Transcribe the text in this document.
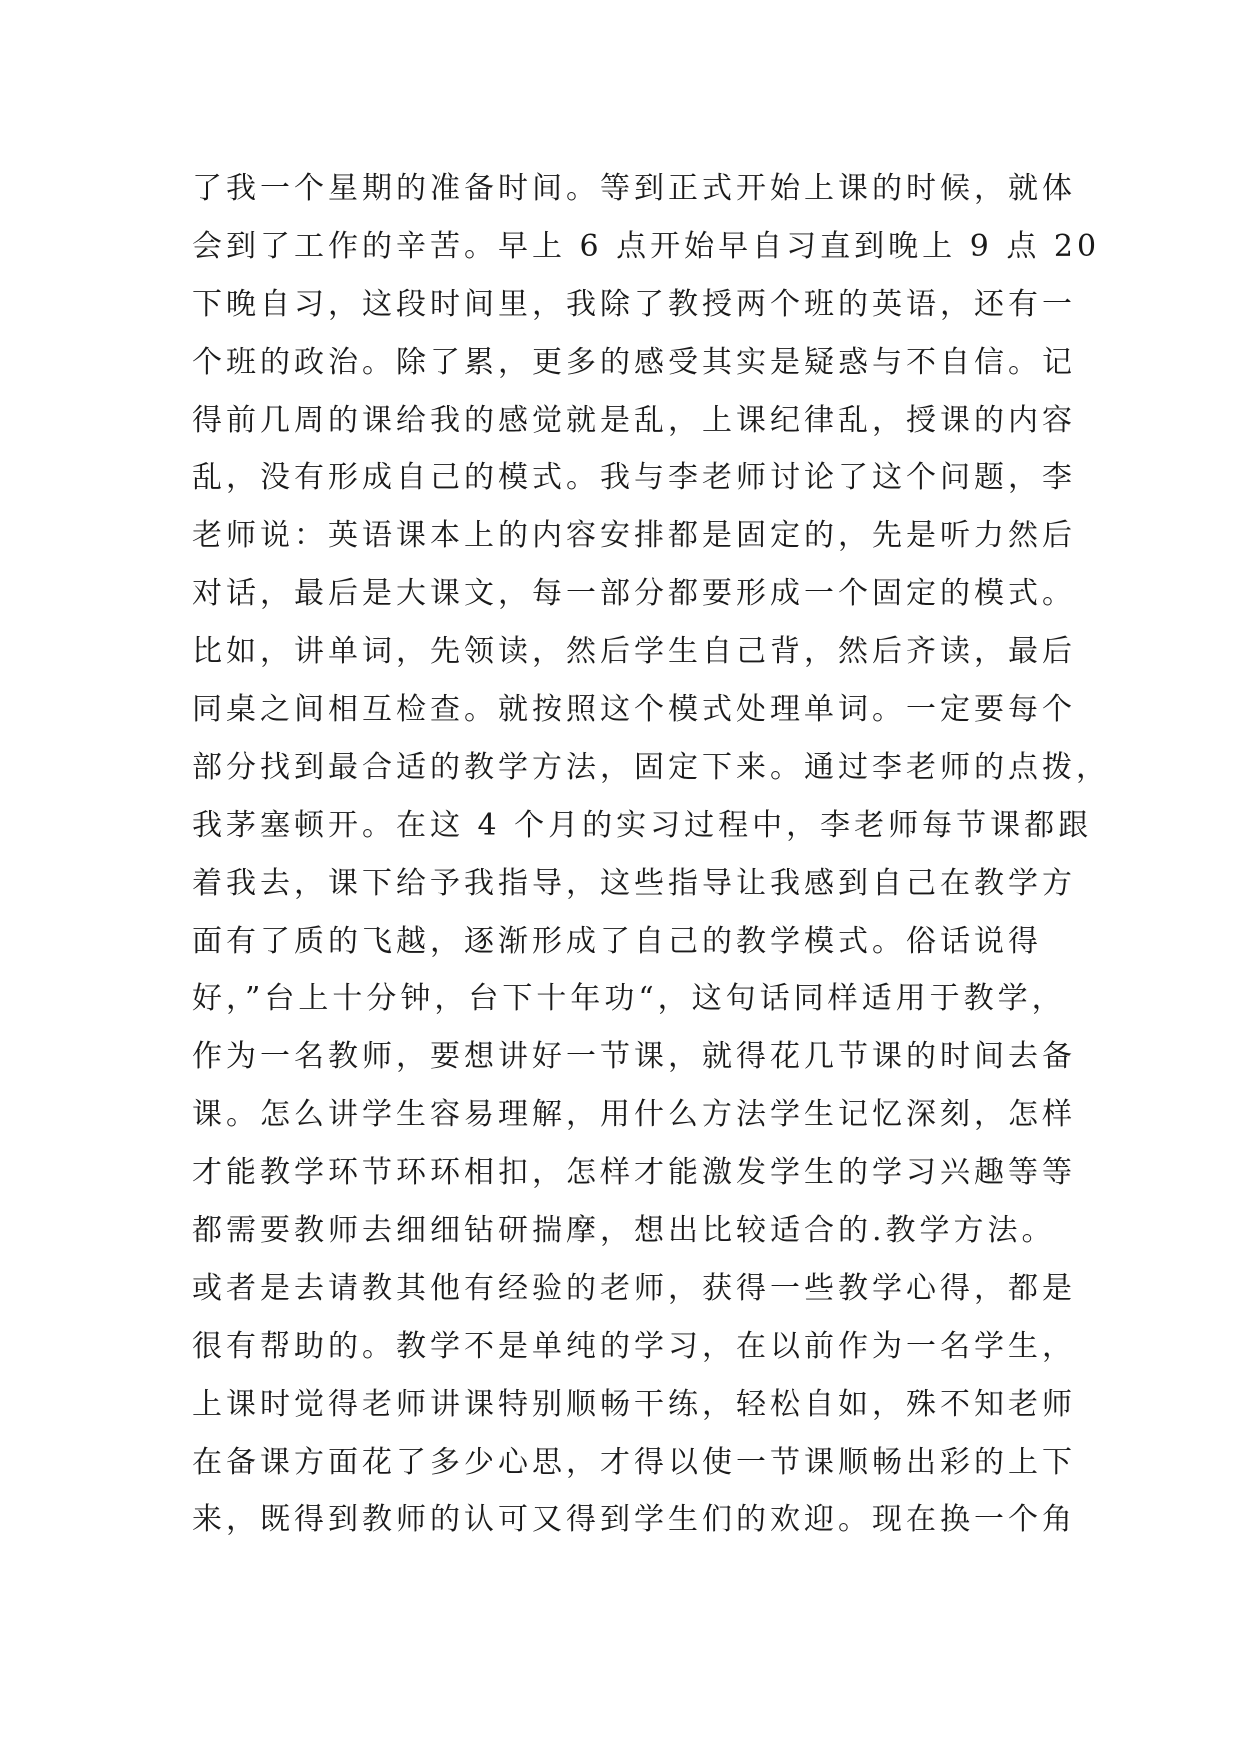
了我一个星期的准备时间。等到正式开始上课的时候，就体
会到了工作的辛苦。早上 6 点开始早自习直到晚上 9 点 20
下晚自习，这段时间里，我除了教授两个班的英语，还有一
个班的政治。除了累，更多的感受其实是疑惑与不自信。记
得前几周的课给我的感觉就是乱，上课纪律乱，授课的内容
乱，没有形成自己的模式。我与李老师讨论了这个问题，李
老师说：英语课本上的内容安排都是固定的，先是听力然后
对话，最后是大课文，每一部分都要形成一个固定的模式。
比如，讲单词，先领读，然后学生自己背，然后齐读，最后
同桌之间相互检查。就按照这个模式处理单词。一定要每个
部分找到最合适的教学方法，固定下来。通过李老师的点拨，
我茅塞顿开。在这 4 个月的实习过程中，李老师每节课都跟
着我去，课下给予我指导，这些指导让我感到自己在教学方
面有了质的飞越，逐渐形成了自己的教学模式。俗话说得
好，”台上十分钟，台下十年功“，这句话同样适用于教学，
作为一名教师，要想讲好一节课，就得花几节课的时间去备
课。怎么讲学生容易理解，用什么方法学生记忆深刻，怎样
才能教学环节环环相扣，怎样才能激发学生的学习兴趣等等
都需要教师去细细钻研揣摩，想出比较适合的.教学方法。
或者是去请教其他有经验的老师，获得一些教学心得，都是
很有帮助的。教学不是单纯的学习，在以前作为一名学生，
上课时觉得老师讲课特别顺畅干练，轻松自如，殊不知老师
在备课方面花了多少心思，才得以使一节课顺畅出彩的上下
来，既得到教师的认可又得到学生们的欢迎。现在换一个角
